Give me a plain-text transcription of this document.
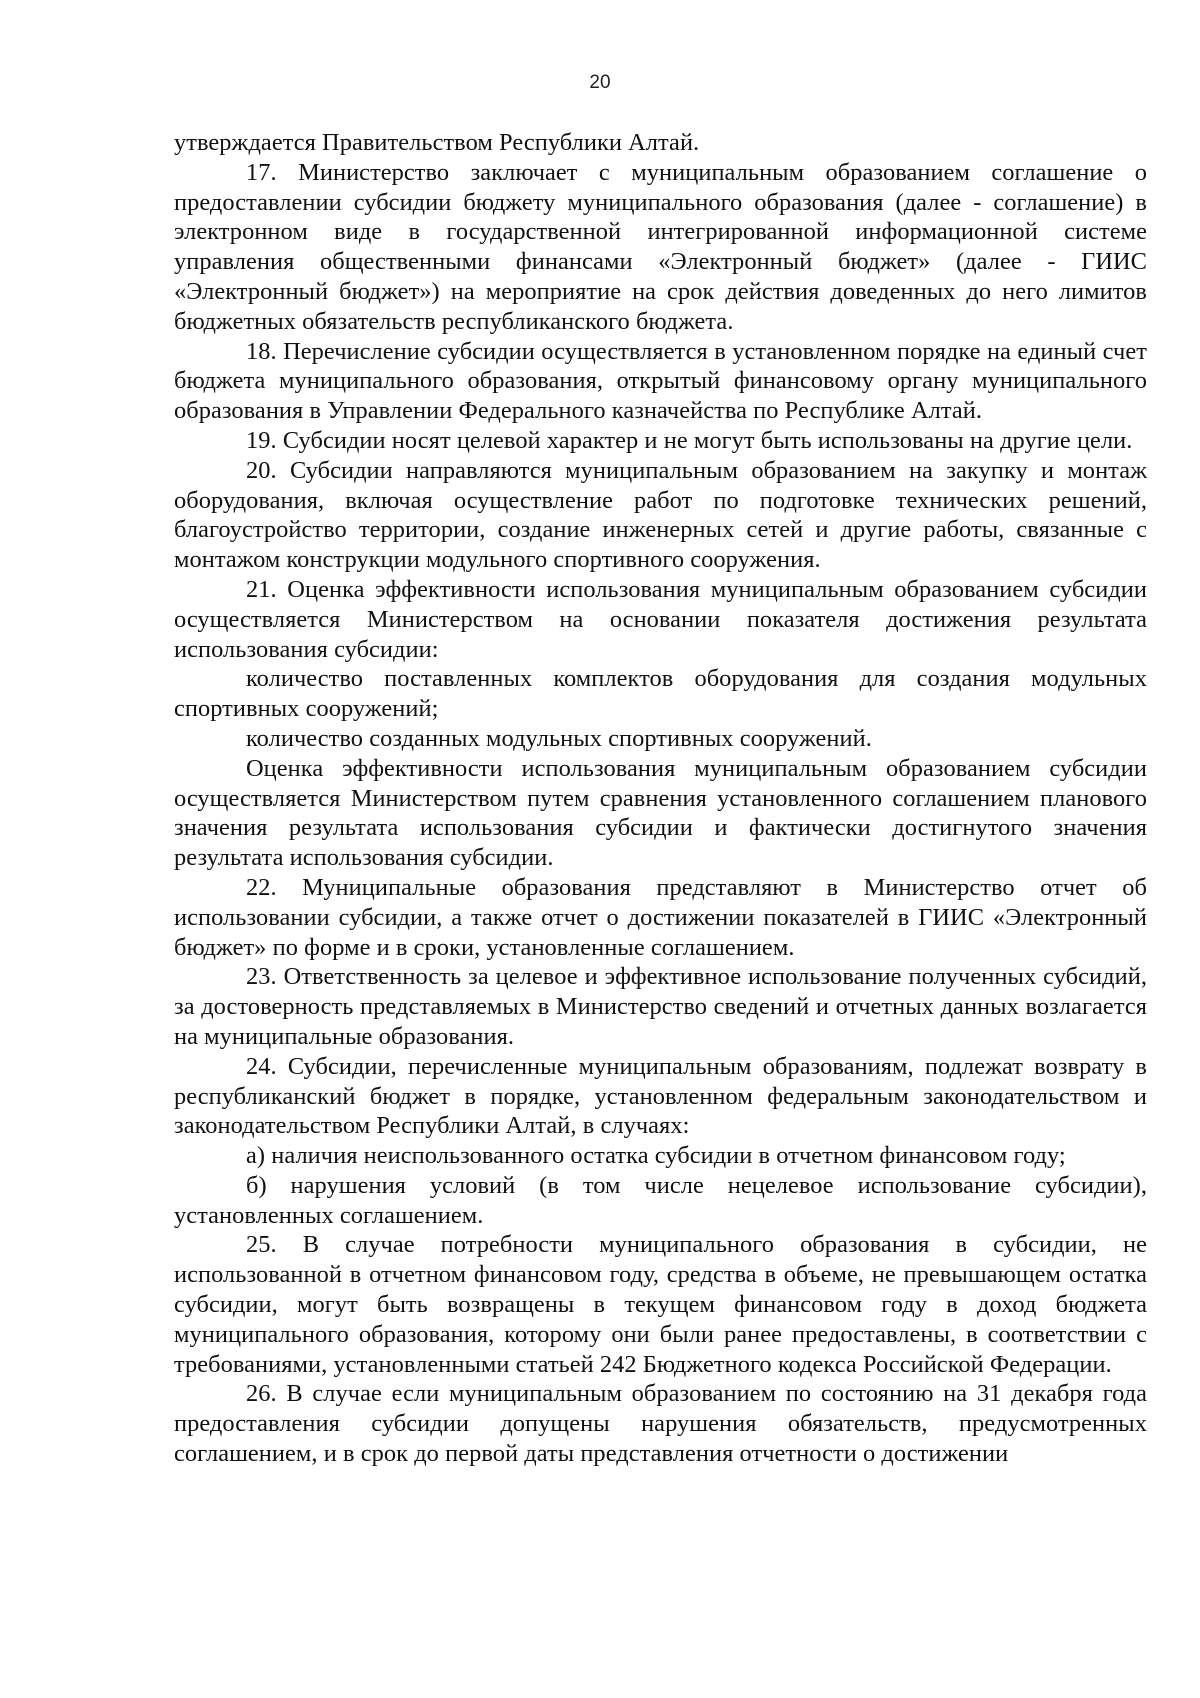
20

утверждается Правительством Республики Алтай.

17. Министерство заключает с муниципальным образованием соглашение о предоставлении субсидии бюджету муниципального образования (далее - соглашение) в электронном виде в государственной интегрированной информационной системе управления общественными финансами «Электронный бюджет» (далее - ГИИС «Электронный бюджет») на мероприятие на срок действия доведенных до него лимитов бюджетных обязательств республиканского бюджета.

18. Перечисление субсидии осуществляется в установленном порядке на единый счет бюджета муниципального образования, открытый финансовому органу муниципального образования в Управлении Федерального казначейства по Республике Алтай.

19. Субсидии носят целевой характер и не могут быть использованы на другие цели.

20. Субсидии направляются муниципальным образованием на закупку и монтаж оборудования, включая осуществление работ по подготовке технических решений, благоустройство территории, создание инженерных сетей и другие работы, связанные с монтажом конструкции модульного спортивного сооружения.

21. Оценка эффективности использования муниципальным образованием субсидии осуществляется Министерством на основании показателя достижения результата использования субсидии:

количество поставленных комплектов оборудования для создания модульных спортивных сооружений;

количество созданных модульных спортивных сооружений.

Оценка эффективности использования муниципальным образованием субсидии осуществляется Министерством путем сравнения установленного соглашением планового значения результата использования субсидии и фактически достигнутого значения результата использования субсидии.

22. Муниципальные образования представляют в Министерство отчет об использовании субсидии, а также отчет о достижении показателей в ГИИС «Электронный бюджет» по форме и в сроки, установленные соглашением.

23. Ответственность за целевое и эффективное использование полученных субсидий, за достоверность представляемых в Министерство сведений и отчетных данных возлагается на муниципальные образования.

24. Субсидии, перечисленные муниципальным образованиям, подлежат возврату в республиканский бюджет в порядке, установленном федеральным законодательством и законодательством Республики Алтай, в случаях:

а) наличия неиспользованного остатка субсидии в отчетном финансовом году;

б) нарушения условий (в том числе нецелевое использование субсидии), установленных соглашением.

25. В случае потребности муниципального образования в субсидии, не использованной в отчетном финансовом году, средства в объеме, не превышающем остатка субсидии, могут быть возвращены в текущем финансовом году в доход бюджета муниципального образования, которому они были ранее предоставлены, в соответствии с требованиями, установленными статьей 242 Бюджетного кодекса Российской Федерации.

26. В случае если муниципальным образованием по состоянию на 31 декабря года предоставления субсидии допущены нарушения обязательств, предусмотренных соглашением, и в срок до первой даты представления отчетности о достижении
